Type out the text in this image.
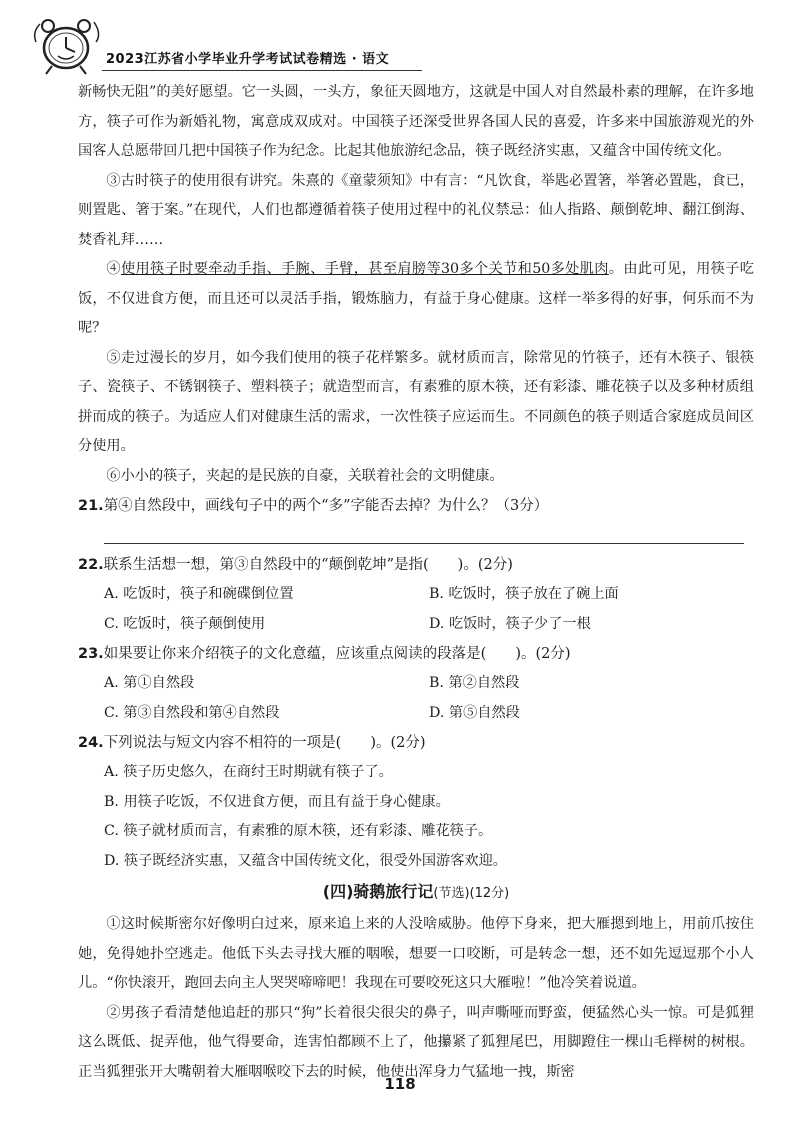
2023江苏省小学毕业升学考试试卷精选 · 语文

新畅快无阻”的美好愿望。它一头圆，一头方，象征天圆地方，这就是中国人对自然最朴素的理解，在许多地方，筷子可作为新婚礼物，寓意成双成对。中国筷子还深受世界各国人民的喜爱，许多来中国旅游观光的外国客人总愿带回几把中国筷子作为纪念。比起其他旅游纪念品，筷子既经济实惠，又蕴含中国传统文化。

③古时筷子的使用很有讲究。朱熹的《童蒙须知》中有言：“凡饮食，举匙必置箸，举箸必置匙，食已，则置匙、箸于案。”在现代，人们也都遵循着筷子使用过程中的礼仪禁忌：仙人指路、颠倒乾坤、翻江倒海、焚香礼拜……

④使用筷子时要牵动手指、手腕、手臂，甚至肩膀等30多个关节和50多处肌肉。由此可见，用筷子吃饭，不仅进食方便，而且还可以灵活手指，锻炼脑力，有益于身心健康。这样一举多得的好事，何乐而不为呢？

⑤走过漫长的岁月，如今我们使用的筷子花样繁多。就材质而言，除常见的竹筷子，还有木筷子、银筷子、瓷筷子、不锈钢筷子、塑料筷子；就造型而言，有素雅的原木筷，还有彩漆、雕花筷子以及多种材质组拼而成的筷子。为适应人们对健康生活的需求，一次性筷子应运而生。不同颜色的筷子则适合家庭成员间区分使用。

⑥小小的筷子，夹起的是民族的自豪，关联着社会的文明健康。

21.第④自然段中，画线句子中的两个“多”字能否去掉？为什么？（3分）
22.联系生活想一想，第③自然段中的“颠倒乾坤”是指(　　)。(2分)
A. 吃饭时，筷子和碗碟倒位置	B. 吃饭时，筷子放在了碗上面
C. 吃饭时，筷子颠倒使用	D. 吃饭时，筷子少了一根
23.如果要让你来介绍筷子的文化意蕴，应该重点阅读的段落是(　　)。(2分)
A. 第①自然段	B. 第②自然段
C. 第③自然段和第④自然段	D. 第⑤自然段
24.下列说法与短文内容不相符的一项是(　　)。(2分)
A. 筷子历史悠久，在商纣王时期就有筷子了。
B. 用筷子吃饭，不仅进食方便，而且有益于身心健康。
C. 筷子就材质而言，有素雅的原木筷，还有彩漆、雕花筷子。
D. 筷子既经济实惠，又蕴含中国传统文化，很受外国游客欢迎。
(四)骑鹅旅行记(节选)(12分)

①这时候斯密尔好像明白过来，原来追上来的人没啥威胁。他停下身来，把大雁摁到地上，用前爪按住她，免得她扑空逃走。他低下头去寻找大雁的咽喉，想要一口咬断，可是转念一想，还不如先逗逗那个小人儿。“你快滚开，跑回去向主人哭哭啼啼吧！我现在可要咬死这只大雁啦！”他冷笑着说道。

②男孩子看清楚他追赶的那只“狗”长着很尖很尖的鼻子，叫声嘶哑而野蛮，便猛然心头一惊。可是狐狸这么既低、捉弄他，他气得要命，连害怕都顾不上了，他攥紧了狐狸尾巴，用脚蹬住一棵山毛榉树的树根。正当狐狸张开大嘴朝着大雁咽喉咬下去的时候，他使出浑身力气猛地一拽，斯密

118
